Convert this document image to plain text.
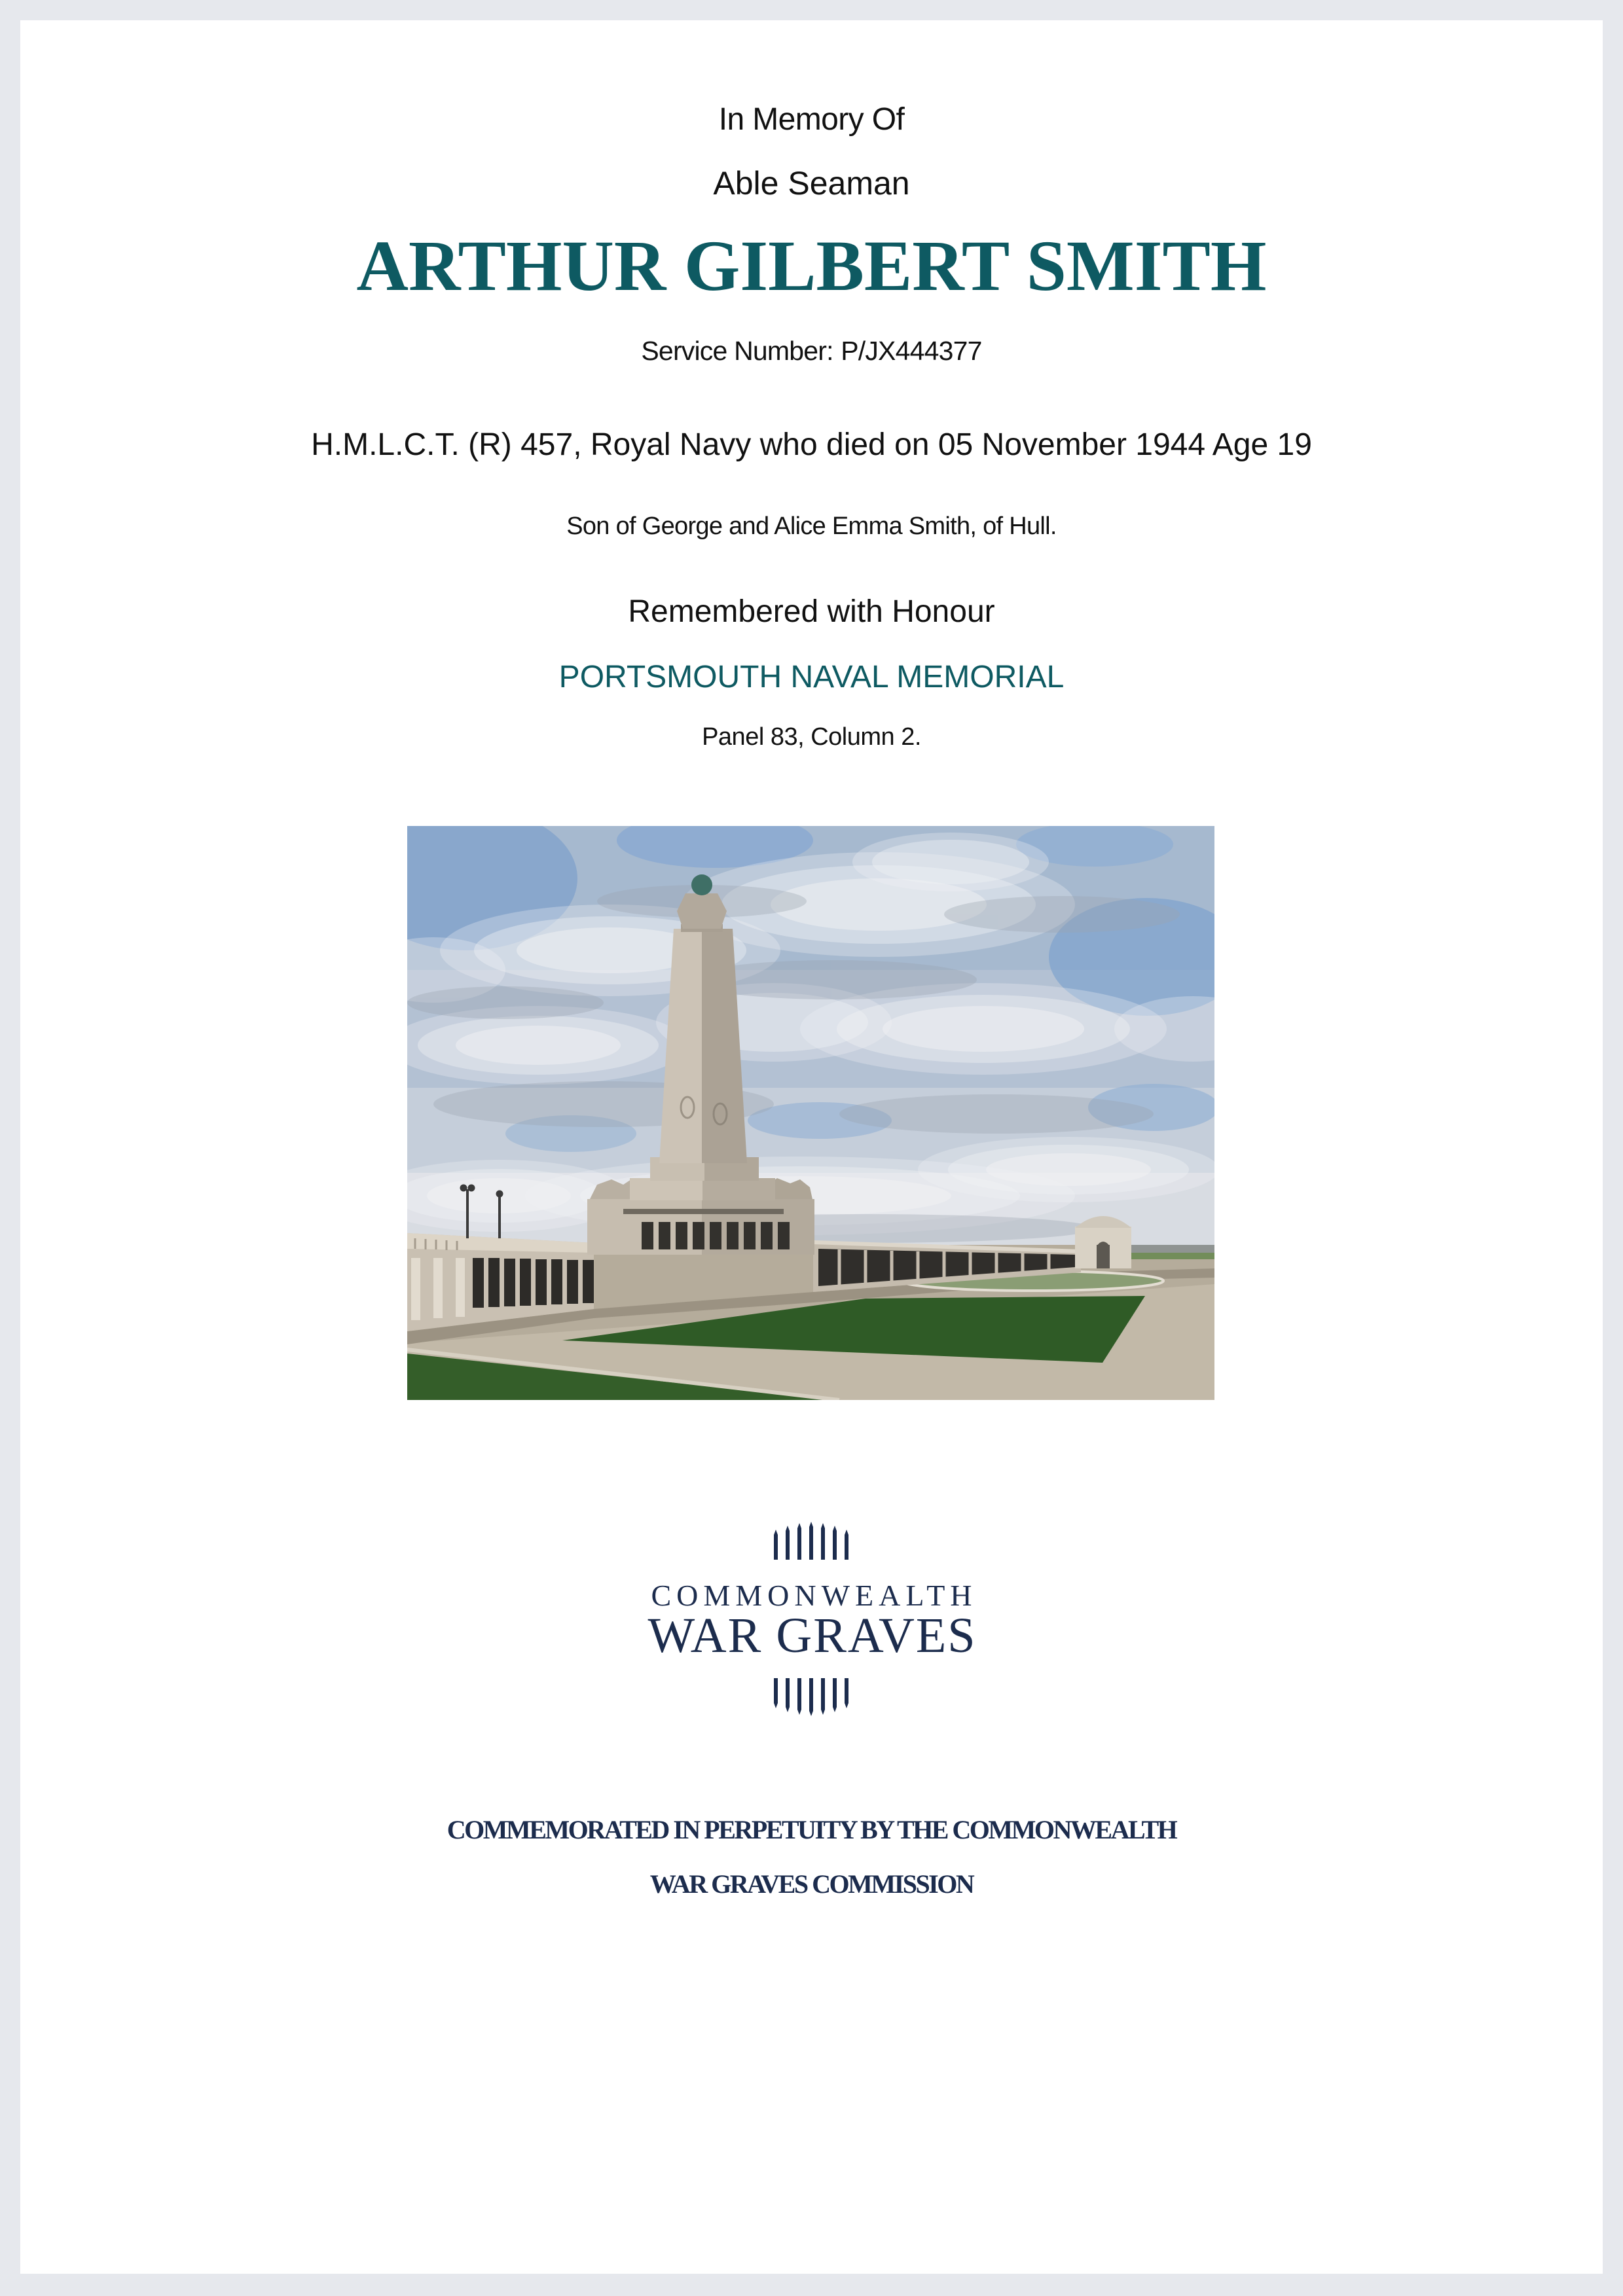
In Memory Of

Able Seaman

ARTHUR GILBERT SMITH

Service Number: P/JX444377

H.M.L.C.T. (R) 457, Royal Navy who died on 05 November 1944 Age 19

Son of George and Alice Emma Smith, of Hull.

Remembered with Honour

PORTSMOUTH NAVAL MEMORIAL

Panel 83, Column 2.

COMMONWEALTH

WAR GRAVES

COMMEMORATED IN PERPETUITY BY THE COMMONWEALTH

WAR GRAVES COMMISSION
